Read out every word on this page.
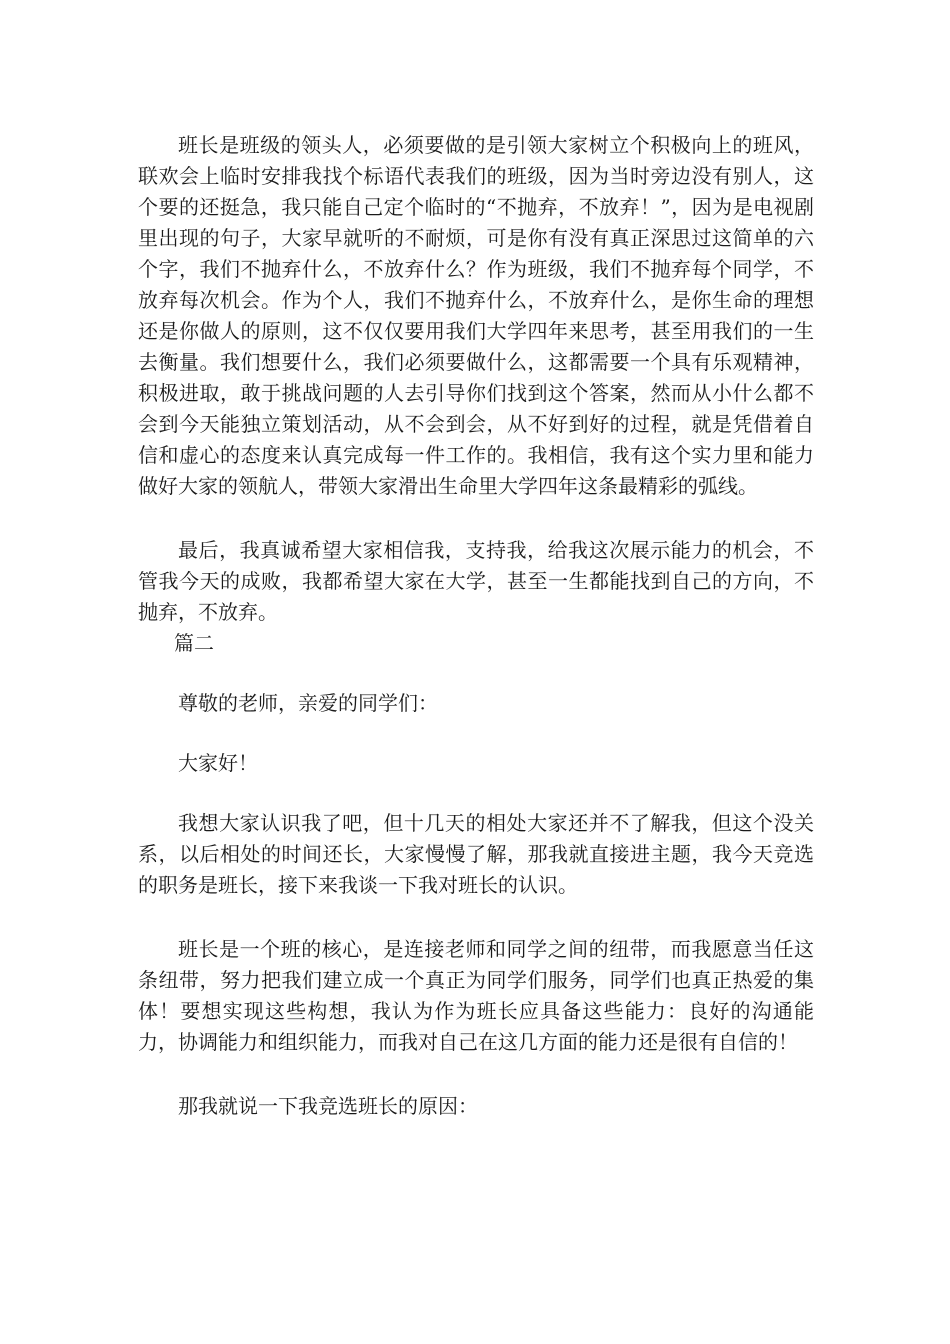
班长是班级的领头人，必须要做的是引领大家树立个积极向上的班风，联欢会上临时安排我找个标语代表我们的班级，因为当时旁边没有别人，这个要的还挺急，我只能自己定个临时的“不抛弃，不放弃！”，因为是电视剧里出现的句子，大家早就听的不耐烦，可是你有没有真正深思过这简单的六个字，我们不抛弃什么，不放弃什么？作为班级，我们不抛弃每个同学，不放弃每次机会。作为个人，我们不抛弃什么，不放弃什么，是你生命的理想还是你做人的原则，这不仅仅要用我们大学四年来思考，甚至用我们的一生去衡量。我们想要什么，我们必须要做什么，这都需要一个具有乐观精神，积极进取，敢于挑战问题的人去引导你们找到这个答案，然而从小什么都不会到今天能独立策划活动，从不会到会，从不好到好的过程，就是凭借着自信和虚心的态度来认真完成每一件工作的。我相信，我有这个实力里和能力做好大家的领航人，带领大家滑出生命里大学四年这条最精彩的弧线。

最后，我真诚希望大家相信我，支持我，给我这次展示能力的机会，不管我今天的成败，我都希望大家在大学，甚至一生都能找到自己的方向，不抛弃，不放弃。

篇二

尊敬的老师，亲爱的同学们：

大家好！

我想大家认识我了吧，但十几天的相处大家还并不了解我，但这个没关系，以后相处的时间还长，大家慢慢了解，那我就直接进主题，我今天竞选的职务是班长，接下来我谈一下我对班长的认识。

班长是一个班的核心，是连接老师和同学之间的纽带，而我愿意当任这条纽带，努力把我们建立成一个真正为同学们服务，同学们也真正热爱的集体！要想实现这些构想，我认为作为班长应具备这些能力：良好的沟通能力，协调能力和组织能力，而我对自己在这几方面的能力还是很有自信的！

那我就说一下我竞选班长的原因：
